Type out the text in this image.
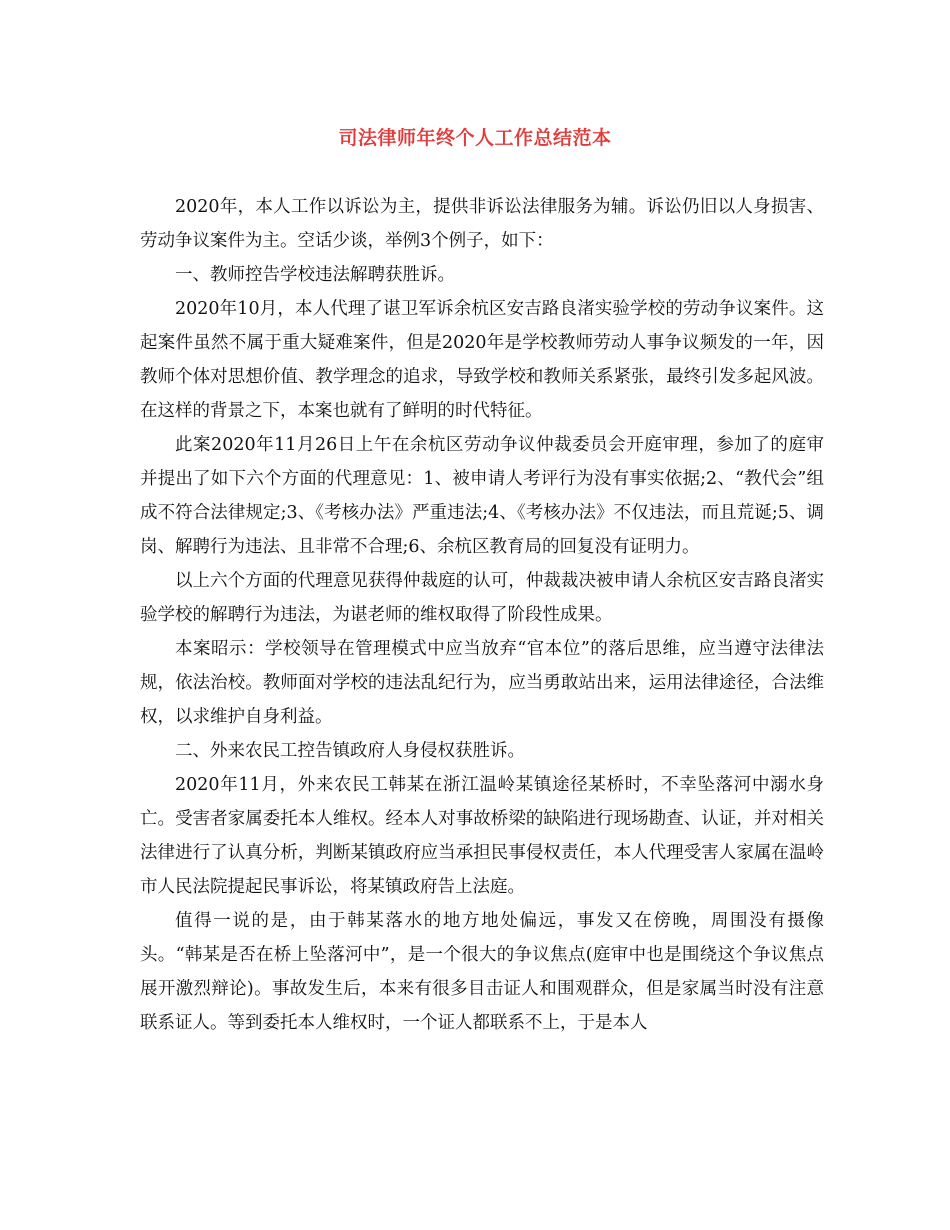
司法律师年终个人工作总结范本

2020年，本人工作以诉讼为主，提供非诉讼法律服务为辅。诉讼仍旧以人身损害、劳动争议案件为主。空话少谈，举例3个例子，如下：

一、教师控告学校违法解聘获胜诉。

2020年10月，本人代理了谌卫军诉余杭区安吉路良渚实验学校的劳动争议案件。这起案件虽然不属于重大疑难案件，但是2020年是学校教师劳动人事争议频发的一年，因教师个体对思想价值、教学理念的追求，导致学校和教师关系紧张，最终引发多起风波。在这样的背景之下，本案也就有了鲜明的时代特征。

此案2020年11月26日上午在余杭区劳动争议仲裁委员会开庭审理，参加了的庭审并提出了如下六个方面的代理意见：1、被申请人考评行为没有事实依据;2、“教代会”组成不符合法律规定;3、《考核办法》严重违法;4、《考核办法》不仅违法，而且荒诞;5、调岗、解聘行为违法、且非常不合理;6、余杭区教育局的回复没有证明力。

以上六个方面的代理意见获得仲裁庭的认可，仲裁裁决被申请人余杭区安吉路良渚实验学校的解聘行为违法，为谌老师的维权取得了阶段性成果。

本案昭示：学校领导在管理模式中应当放弃“官本位”的落后思维，应当遵守法律法规，依法治校。教师面对学校的违法乱纪行为，应当勇敢站出来，运用法律途径，合法维权，以求维护自身利益。

二、外来农民工控告镇政府人身侵权获胜诉。

2020年11月，外来农民工韩某在浙江温岭某镇途径某桥时，不幸坠落河中溺水身亡。受害者家属委托本人维权。经本人对事故桥梁的缺陷进行现场勘查、认证，并对相关法律进行了认真分析，判断某镇政府应当承担民事侵权责任，本人代理受害人家属在温岭市人民法院提起民事诉讼，将某镇政府告上法庭。

值得一说的是，由于韩某落水的地方地处偏远，事发又在傍晚，周围没有摄像头。“韩某是否在桥上坠落河中”，是一个很大的争议焦点(庭审中也是围绕这个争议焦点展开激烈辩论)。事故发生后，本来有很多目击证人和围观群众，但是家属当时没有注意联系证人。等到委托本人维权时，一个证人都联系不上，于是本人
